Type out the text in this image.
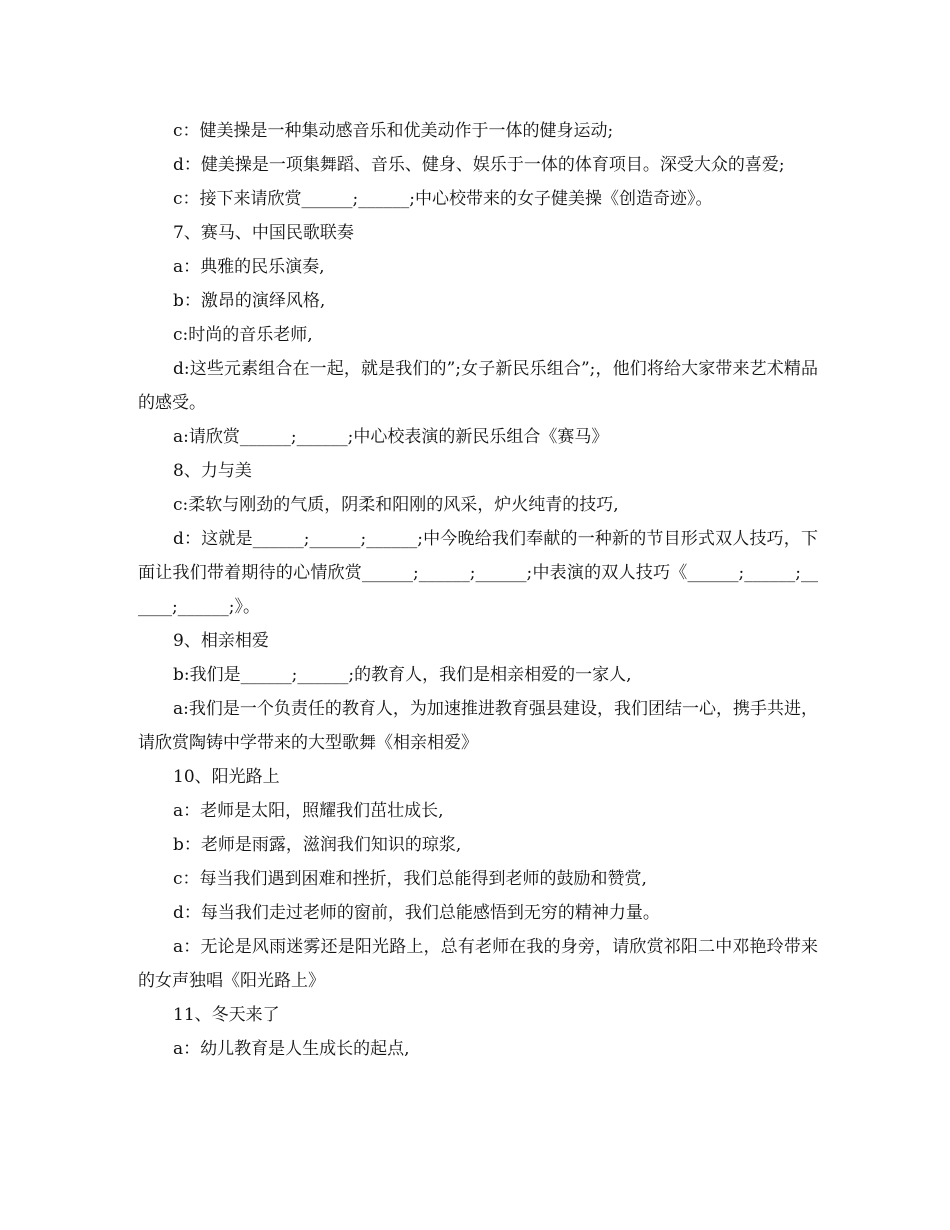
c：健美操是一种集动感音乐和优美动作于一体的健身运动;

d：健美操是一项集舞蹈、音乐、健身、娱乐于一体的体育项目。深受大众的喜爱;

c：接下来请欣赏______;______;中心校带来的女子健美操《创造奇迹》。

7、赛马、中国民歌联奏

a：典雅的民乐演奏,

b：激昂的演绎风格,

c:时尚的音乐老师,

d:这些元素组合在一起，就是我们的”;女子新民乐组合”;，他们将给大家带来艺术精品的感受。

a:请欣赏______;______;中心校表演的新民乐组合《赛马》

8、力与美

c:柔软与刚劲的气质，阴柔和阳刚的风采，炉火纯青的技巧,

d：这就是______;______;______;中今晚给我们奉献的一种新的节目形式双人技巧，下面让我们带着期待的心情欣赏______;______;______;中表演的双人技巧《______;______;______;______;》。

9、相亲相爱

b:我们是______;______;的教育人，我们是相亲相爱的一家人,

a:我们是一个负责任的教育人，为加速推进教育强县建设，我们团结一心，携手共进，请欣赏陶铸中学带来的大型歌舞《相亲相爱》

10、阳光路上

a：老师是太阳，照耀我们茁壮成长,

b：老师是雨露，滋润我们知识的琼浆,

c：每当我们遇到困难和挫折，我们总能得到老师的鼓励和赞赏,

d：每当我们走过老师的窗前，我们总能感悟到无穷的精神力量。

a：无论是风雨迷雾还是阳光路上，总有老师在我的身旁，请欣赏祁阳二中邓艳玲带来的女声独唱《阳光路上》

11、冬天来了

a：幼儿教育是人生成长的起点,
